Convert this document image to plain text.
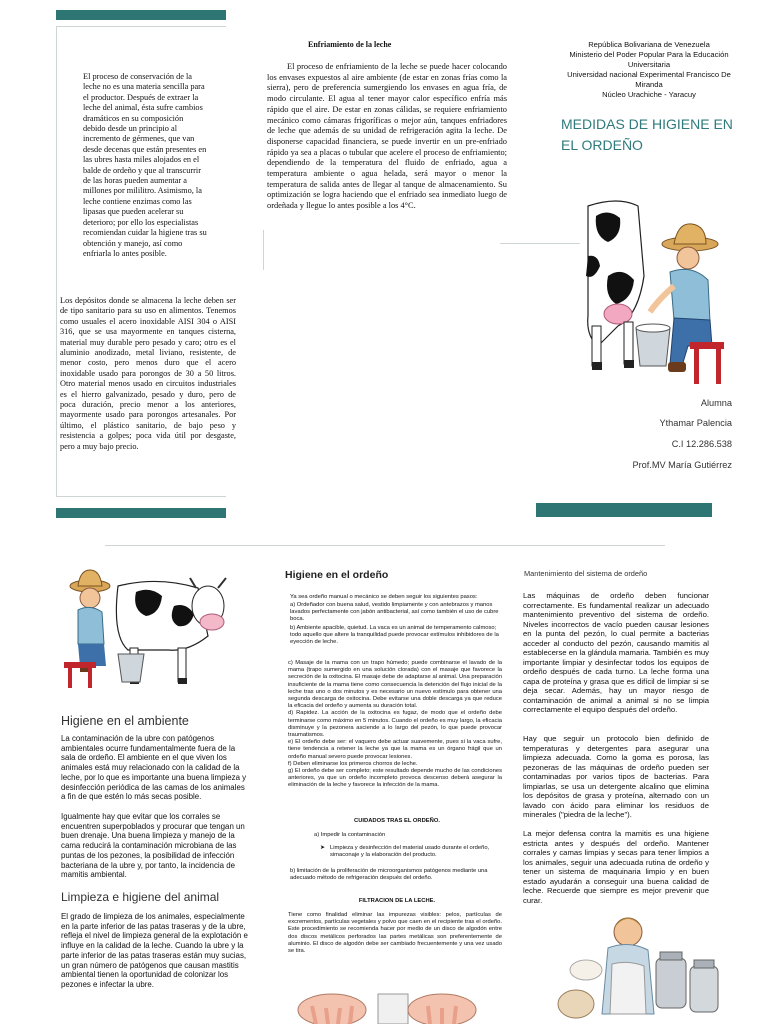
El proceso de conservación de la leche no es una materia sencilla para el productor. Después de extraer la leche del animal, ésta sufre cambios dramáticos en su composición debido desde un principio al incremento de gérmenes, que van desde decenas que están presentes en las ubres hasta miles alojados en el balde de ordeño y que al transcurrir de las horas pueden aumentar a millones por mililitro. Asimismo, la leche contiene enzimas como las lipasas que pueden acelerar su deterioro; por ello los especialistas recomiendan cuidar la higiene tras su obtención y manejo, así como enfriarla lo antes posible.
Los depósitos donde se almacena la leche deben ser de tipo sanitario para su uso en alimentos. Tenemos como usuales el acero inoxidable AISI 304 o AISI 316, que se usa mayormente en tanques cisterna, material muy durable pero pesado y caro; otro es el aluminio anodizado, metal liviano, resistente, de menor costo, pero menos duro que el acero inoxidable usado para porongos de 30 a 50 litros. Otro material menos usado en circuitos industriales es el hierro galvanizado, pesado y duro, pero de poca duración, precio menor a los anteriores, mayormente usado para porongos artesanales. Por último, el plástico sanitario, de bajo peso y resistencia a golpes; poca vida útil por desgaste, pero a muy bajo precio.
Enfriamiento de la leche
El proceso de enfriamiento de la leche se puede hacer colocando los envases expuestos al aire ambiente (de estar en zonas frías como la sierra), pero de preferencia sumergiendo los envases en agua fría, de modo circulante. El agua al tener mayor calor específico enfría más rápido que el aire. De estar en zonas cálidas, se requiere enfriamiento mecánico como cámaras frigoríficas o mejor aún, tanques enfriadores de leche que además de su unidad de refrigeración agita la leche. De disponerse capacidad financiera, se puede invertir en un pre-enfriado rápido ya sea a placas o tubular que acelere el proceso de enfriamiento; dependiendo de la temperatura del fluido de enfriado, agua a temperatura ambiente o agua helada, será mayor o menor la temperatura de salida antes de llegar al tanque de almacenamiento. Su optimización se logra haciendo que el enfriado sea inmediato luego de ordeñada y llegue lo antes posible a los 4°C.
República Bolivariana de Venezuela
Ministerio del Poder Popular Para la Educación Universitaria
Universidad nacional Experimental Francisco De Miranda
Núcleo Urachiche - Yaracuy
MEDIDAS DE HIGIENE EN EL ORDEÑO
Alumna
Ythamar Palencia
C.I 12.286.538
Prof.MV María Gutiérrez
Higiene en el ambiente
La contaminación de la ubre con patógenos ambientales ocurre fundamentalmente fuera de la sala de ordeño. El ambiente en el que viven los animales está muy relacionado con la calidad de la leche, por lo que es importante una buena limpieza y desinfección periódica de las camas de los animales a fin de que estén lo más secas posible.
Igualmente hay que evitar que los corrales se encuentren superpoblados y procurar que tengan un buen drenaje. Una buena limpieza y manejo de la cama reducirá la contaminación microbiana de las puntas de los pezones, la posibilidad de infección bacteriana de la ubre y, por tanto, la incidencia de mamitis ambiental.
Limpieza e higiene del animal
El grado de limpieza de los animales, especialmente en la parte inferior de las patas traseras y de la ubre, refleja el nivel de limpieza general de la explotación e influye en la calidad de la leche. Cuando la ubre y la parte inferior de las patas traseras están muy sucias, un gran número de patógenos que causan mastitis ambiental tienen la oportunidad de colonizar los pezones e infectar la ubre.
Higiene en el ordeño
Ya sea ordeño manual o mecánico se deben seguir los siguientes pasos:
a) Ordeñador con buena salud, vestido limpiamente y con antebrazos y manos lavados perfectamente con jabón antibacterial, así como también el uso de cubre boca.
b) Ambiente apacible, quietud. La vaca es un animal de temperamento calmoso; todo aquello que altere la tranquilidad puede provocar estímulos inhibidores de la eyección de leche.
c) Masaje de la mama con un trapo húmedo; puede combinarse el lavado de la mama (trapo sumergido en una solución clorada) con el masaje que favorece la secreción de la oxitocina. El masaje debe de adaptarse al animal. Una preparación insuficiente de la mama tiene como consecuencia la detención del flujo inicial de la leche tras uno o dos minutos y es necesario un nuevo estímulo para obtener una segunda descarga de oxitocina. Debe evitarse una doble descarga ya que reduce la eficacia del ordeño y aumenta su duración total.
d) Rapidez. La acción de la oxitocina es fugaz, de modo que el ordeño debe terminarse como máximo en 5 minutos. Cuando el ordeño es muy largo, la eficacia disminuye y la pezonera asciende a lo largo del pezón, lo que puede provocar traumatismos.
e) El ordeño debe ser: el vaquero debe actuar suavemente, pues si la vaca sufre, tiene tendencia a retener la leche ya que la mama es un órgano frágil que un ordeño manual severo puede provocar lesiones.
f) Deben eliminarse los primeros chorros de leche.
g) El ordeño debe ser completo; este resultado depende mucho de las condiciones anteriores, ya que un ordeño incompleto provoca descenso deberá asegurar la eliminación de la leche y favorece la infección de la mama.
CUIDADOS TRAS EL ORDEÑO.
a) Impedir la contaminación
➤ Limpieza y desinfección del material usado durante el ordeño, simaconaje y la elaboración del producto.
b) limitación de la proliferación de microorganismos patógenos mediante una adecuado método de refrigeración después del ordeño.
FILTRACION DE LA LECHE.
Tiene como finalidad eliminar las impurezas visibles: pelos, partículas de excrementos, partículas vegetales y polvo que caen en el recipiente tras el ordeño. Este procedimiento se recomienda hacer por medio de un disco de algodón entre dos discos metálicos perforados las partes metálicas son preferentemente de aluminio. El disco de algodón debe ser cambiado frecuentemente y una vez usado se tira.
Mantenimiento del sistema de ordeño
Las máquinas de ordeño deben funcionar correctamente. Es fundamental realizar un adecuado mantenimiento preventivo del sistema de ordeño. Niveles incorrectos de vacío pueden causar lesiones en la punta del pezón, lo cual permite a bacterias acceder al conducto del pezón, causando mamitis al establecerse en la glándula mamaria. También es muy importante limpiar y desinfectar todos los equipos de ordeño después de cada turno. La leche forma una capa de proteína y grasa que es difícil de limpiar si se deja secar. Además, hay un mayor riesgo de contaminación de animal a animal si no se limpia correctamente el equipo después del ordeño.
Hay que seguir un protocolo bien definido de temperaturas y detergentes para asegurar una limpieza adecuada. Como la goma es porosa, las pezoneras de las máquinas de ordeño pueden ser contaminadas por varios tipos de bacterias. Para limpiarlas, se usa un detergente alcalino que elimina los depósitos de grasa y proteína, alternado con un lavado con ácido para eliminar los residuos de minerales ("piedra de la leche").
La mejor defensa contra la mamitis es una higiene estricta antes y después del ordeño. Mantener corrales y camas limpias y secas para tener limpios a los animales, seguir una adecuada rutina de ordeño y tener un sistema de maquinaria limpio y en buen estado ayudarán a conseguir una buena calidad de leche. Recuerde que siempre es mejor prevenir que curar.
